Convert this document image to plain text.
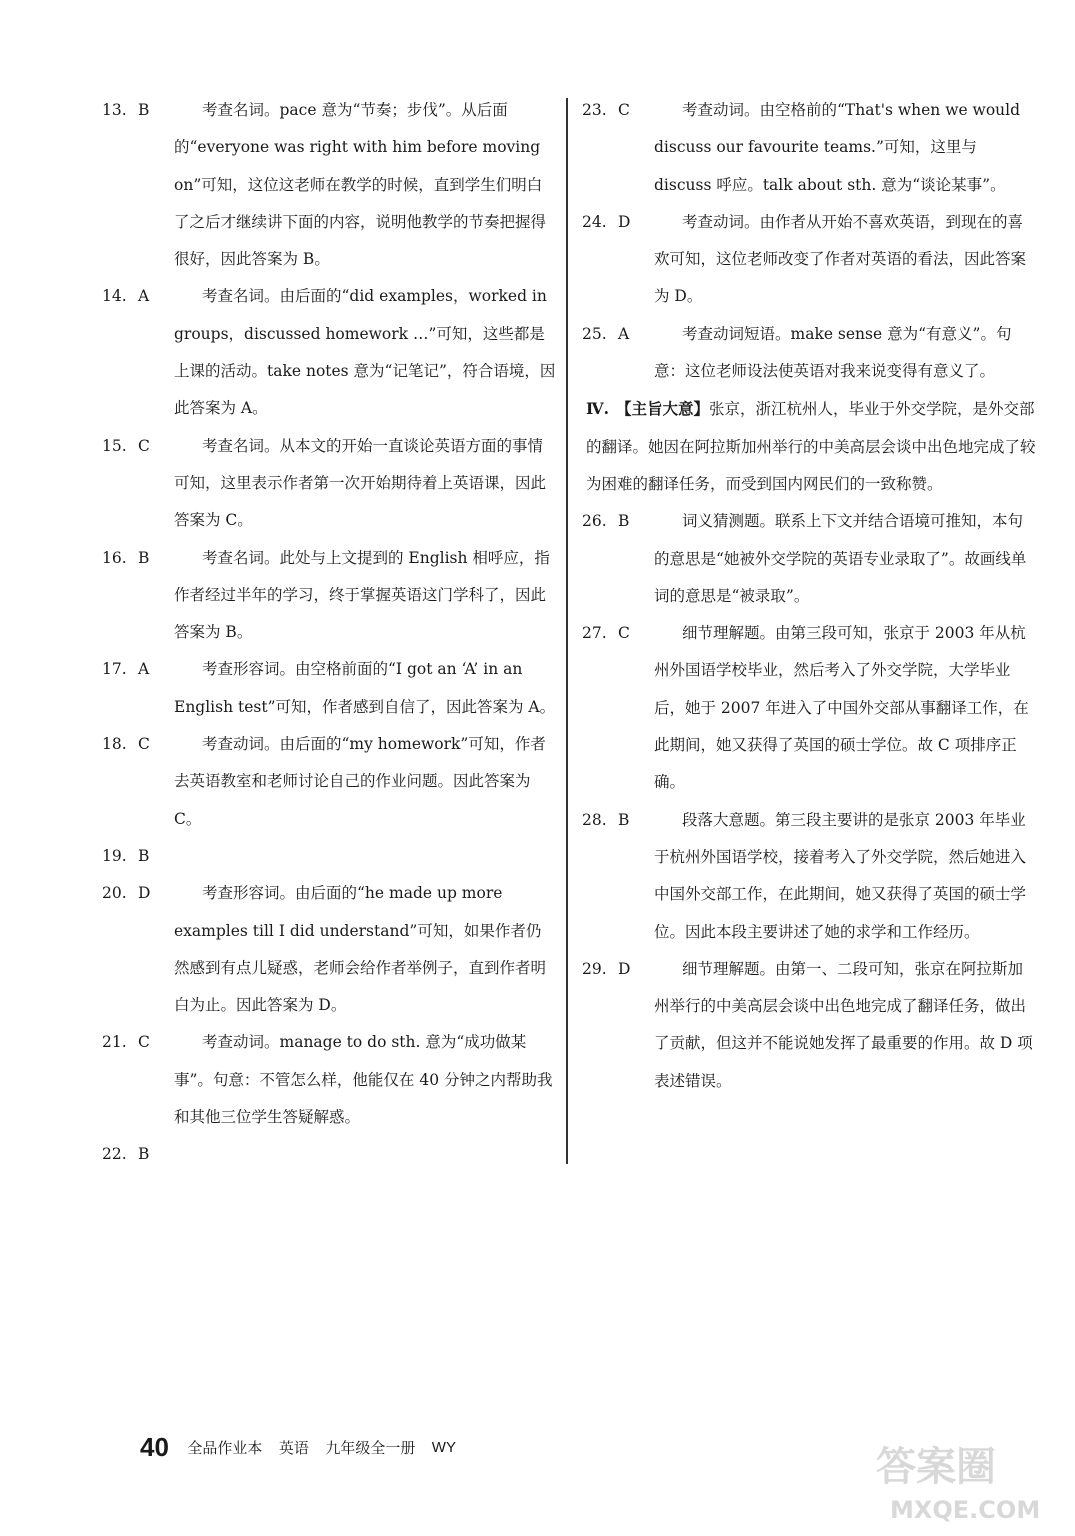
13. B	考查名词。pace 意为“节奏；步伐”。从后面的“everyone was right with him before moving on”可知，这位这老师在教学的时候，直到学生们明白了之后才继续讲下面的内容，说明他教学的节奏把握得很好，因此答案为 B。

14. A	考查名词。由后面的“did examples，worked in groups，discussed homework …”可知，这些都是上课的活动。take notes 意为“记笔记”，符合语境，因此答案为 A。

15. C	考查名词。从本文的开始一直谈论英语方面的事情可知，这里表示作者第一次开始期待着上英语课，因此答案为 C。

16. B	考查名词。此处与上文提到的 English 相呼应，指作者经过半年的学习，终于掌握英语这门学科了，因此答案为 B。

17. A	考查形容词。由空格前面的“I got an ‘A’ in an English test”可知，作者感到自信了，因此答案为 A。

18. C	考查动词。由后面的“my homework”可知，作者去英语教室和老师讨论自己的作业问题。因此答案为 C。

19. B

20. D	考查形容词。由后面的“he made up more examples till I did understand”可知，如果作者仍然感到有点儿疑惑，老师会给作者举例子，直到作者明白为止。因此答案为 D。

21. C	考查动词。manage to do sth. 意为“成功做某事”。句意：不管怎么样，他能仅在 40 分钟之内帮助我和其他三位学生答疑解惑。

22. B

23. C	考查动词。由空格前的“That's when we would discuss our favourite teams.”可知，这里与 discuss 呼应。talk about sth. 意为“谈论某事”。

24. D	考查动词。由作者从开始不喜欢英语，到现在的喜欢可知，这位老师改变了作者对英语的看法，因此答案为 D。

25. A	考查动词短语。make sense 意为“有意义”。句意：这位老师设法使英语对我来说变得有意义了。

Ⅳ. 【主旨大意】张京，浙江杭州人，毕业于外交学院，是外交部的翻译。她因在阿拉斯加州举行的中美高层会谈中出色地完成了较为困难的翻译任务，而受到国内网民们的一致称赞。

26. B	词义猜测题。联系上下文并结合语境可推知，本句的意思是“她被外交学院的英语专业录取了”。故画线单词的意思是“被录取”。

27. C	细节理解题。由第三段可知，张京于 2003 年从杭州外国语学校毕业，然后考入了外交学院，大学毕业后，她于 2007 年进入了中国外交部从事翻译工作，在此期间，她又获得了英国的硕士学位。故 C 项排序正确。

28. B	段落大意题。第三段主要讲的是张京 2003 年毕业于杭州外国语学校，接着考入了外交学院，然后她进入中国外交部工作，在此期间，她又获得了英国的硕士学位。因此本段主要讲述了她的求学和工作经历。

29. D	细节理解题。由第一、二段可知，张京在阿拉斯加州举行的中美高层会谈中出色地完成了翻译任务，做出了贡献，但这并不能说她发挥了最重要的作用。故 D 项表述错误。

40 全品作业本 英语 九年级全一册 WY	答案圈
MXQE.COM
